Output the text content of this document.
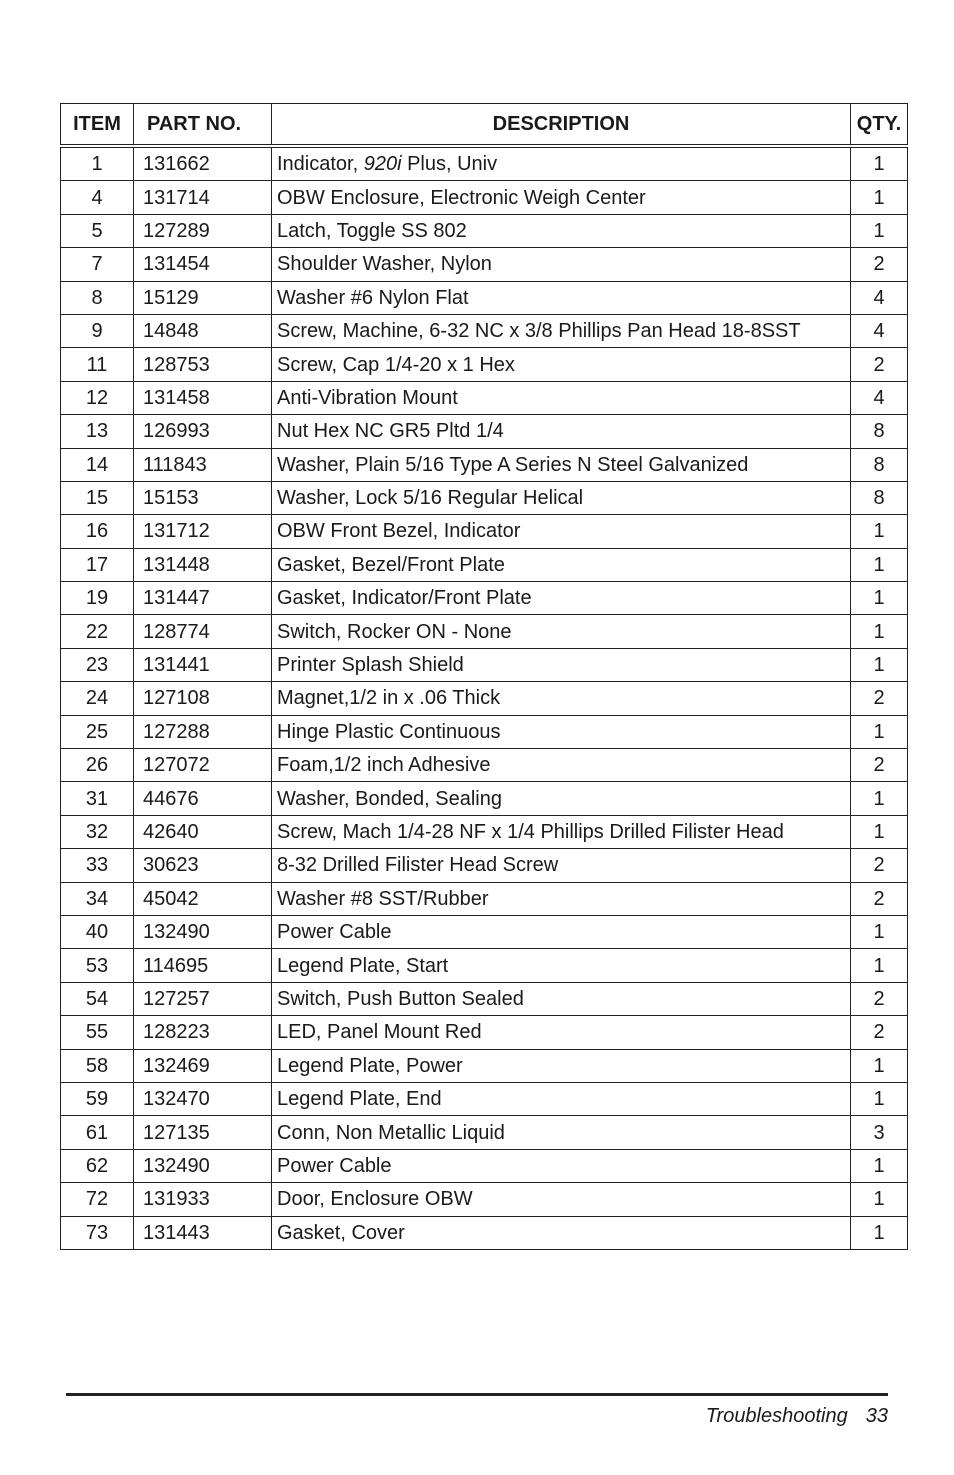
ITEM	PART NO.	DESCRIPTION	QTY.
1	131662	Indicator, 920i Plus, Univ	1
4	131714	OBW Enclosure, Electronic Weigh Center	1
5	127289	Latch, Toggle SS 802	1
7	131454	Shoulder Washer, Nylon	2
8	15129	Washer #6 Nylon Flat	4
9	14848	Screw, Machine, 6-32 NC x 3/8 Phillips Pan Head 18-8SST	4
11	128753	Screw, Cap 1/4-20 x 1 Hex	2
12	131458	Anti-Vibration Mount	4
13	126993	Nut Hex NC GR5 Pltd 1/4	8
14	111843	Washer, Plain 5/16 Type A Series N Steel Galvanized	8
15	15153	Washer, Lock 5/16 Regular Helical	8
16	131712	OBW Front Bezel, Indicator	1
17	131448	Gasket, Bezel/Front Plate	1
19	131447	Gasket, Indicator/Front Plate	1
22	128774	Switch, Rocker ON - None	1
23	131441	Printer Splash Shield	1
24	127108	Magnet,1/2 in x .06 Thick	2
25	127288	Hinge Plastic Continuous	1
26	127072	Foam,1/2 inch Adhesive	2
31	44676	Washer, Bonded, Sealing	1
32	42640	Screw, Mach 1/4-28 NF x 1/4 Phillips Drilled Filister Head	1
33	30623	8-32 Drilled Filister Head Screw	2
34	45042	Washer #8 SST/Rubber	2
40	132490	Power Cable	1
53	114695	Legend Plate, Start	1
54	127257	Switch, Push Button Sealed	2
55	128223	LED, Panel Mount Red	2
58	132469	Legend Plate, Power	1
59	132470	Legend Plate, End	1
61	127135	Conn, Non Metallic Liquid	3
62	132490	Power Cable	1
72	131933	Door, Enclosure OBW	1
73	131443	Gasket, Cover	1
Troubleshooting 33
